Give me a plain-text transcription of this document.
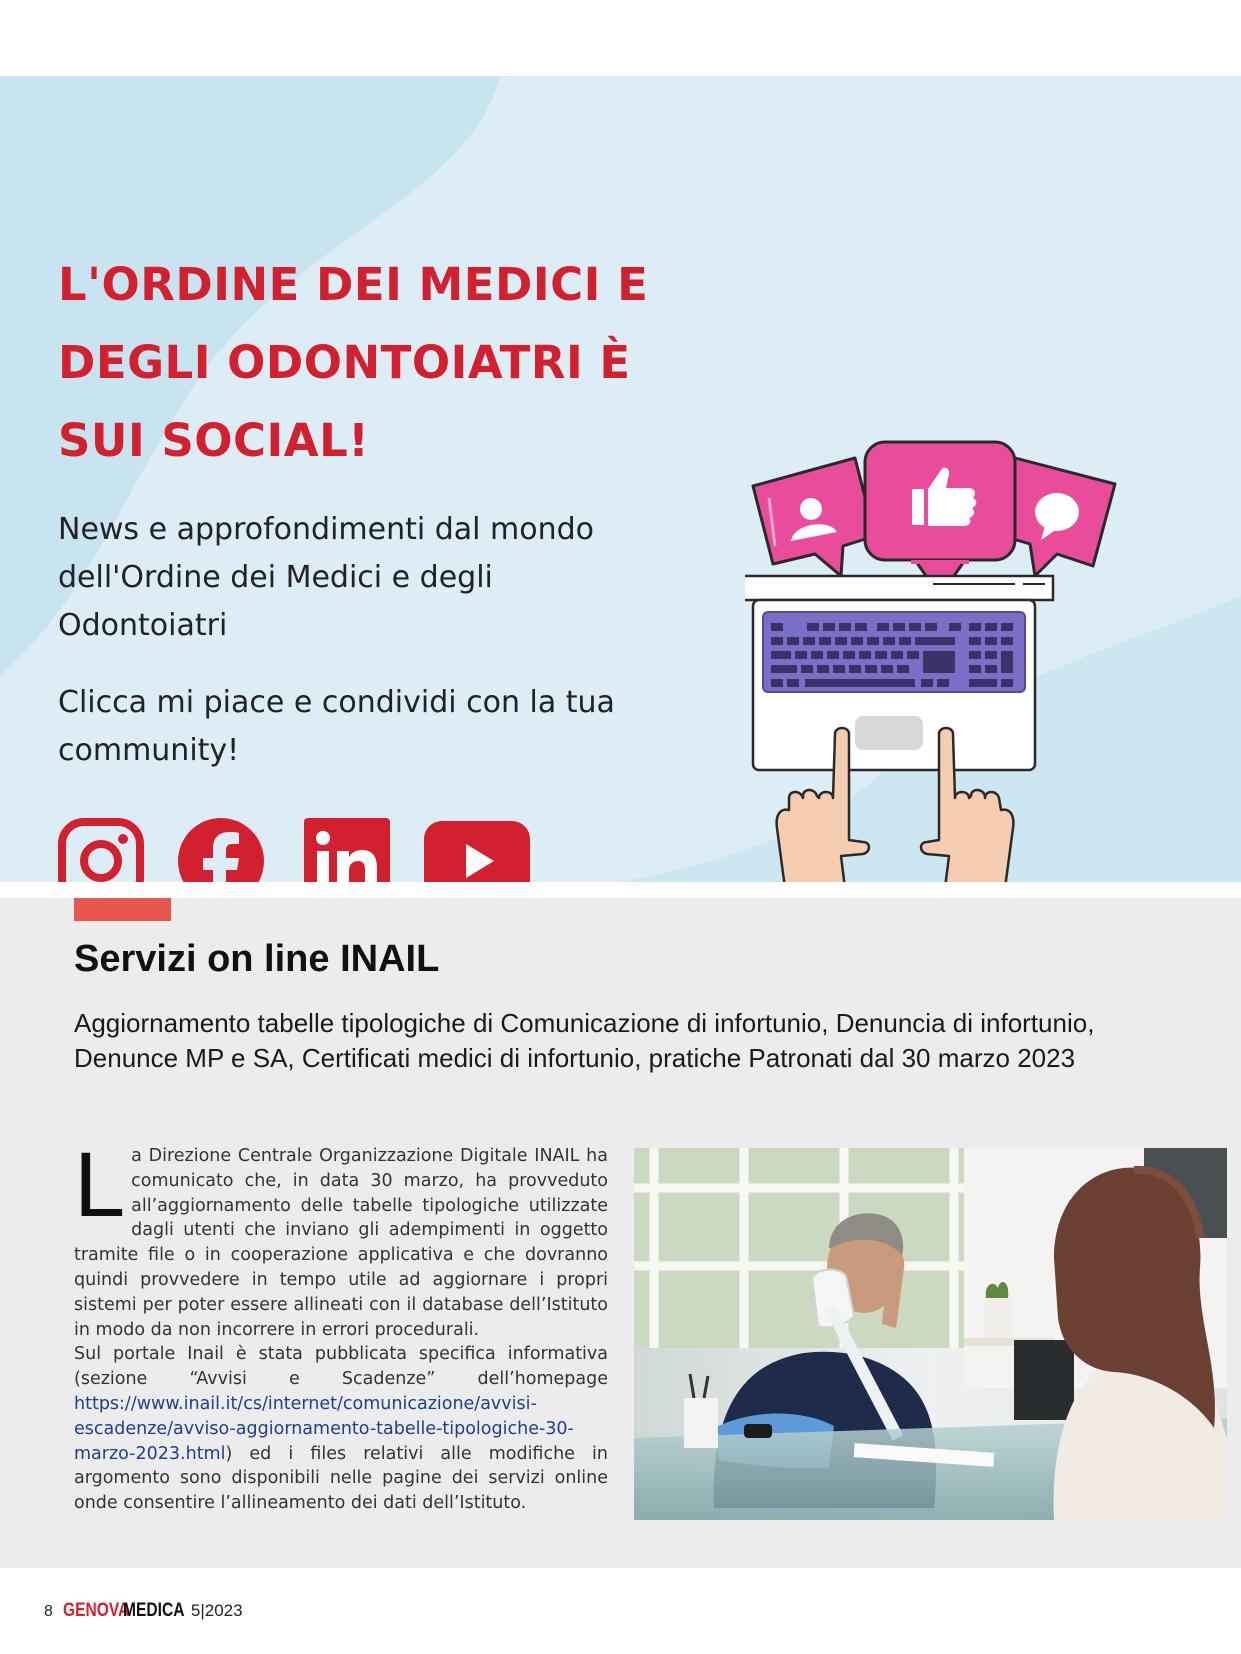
L'ORDINE DEI MEDICI E DEGLI ODONTOIATRI È SUI SOCIAL!

News e approfondimenti dal mondo dell'Ordine dei Medici e degli Odontoiatri

Clicca mi piace e condividi con la tua community!

Servizi on line INAIL

Aggiornamento tabelle tipologiche di Comunicazione di infortunio, Denuncia di infortunio, Denunce MP e SA, Certificati medici di infortunio, pratiche Patronati dal 30 marzo 2023

La Direzione Centrale Organizzazione Digitale INAIL ha comunicato che, in data 30 marzo, ha provveduto all’aggiornamento delle tabelle tipologiche utilizzate dagli utenti che inviano gli adempimenti in oggetto tramite file o in cooperazione applicativa e che dovranno quindi provvedere in tempo utile ad aggiornare i propri sistemi per poter essere allineati con il database dell’Istituto in modo da non incorrere in errori procedurali.

Sul portale Inail è stata pubblicata specifica informativa (sezione “Avvisi e Scadenze” dell’homepage https://www.inail.it/cs/internet/comunicazione/avvisi-escadenze/avviso-aggiornamento-tabelle-tipologiche-30-marzo-2023.html) ed i files relativi alle modifiche in argomento sono disponibili nelle pagine dei servizi online onde consentire l’allineamento dei dati dell’Istituto.

8 GENOVA
MEDICA 5|2023
